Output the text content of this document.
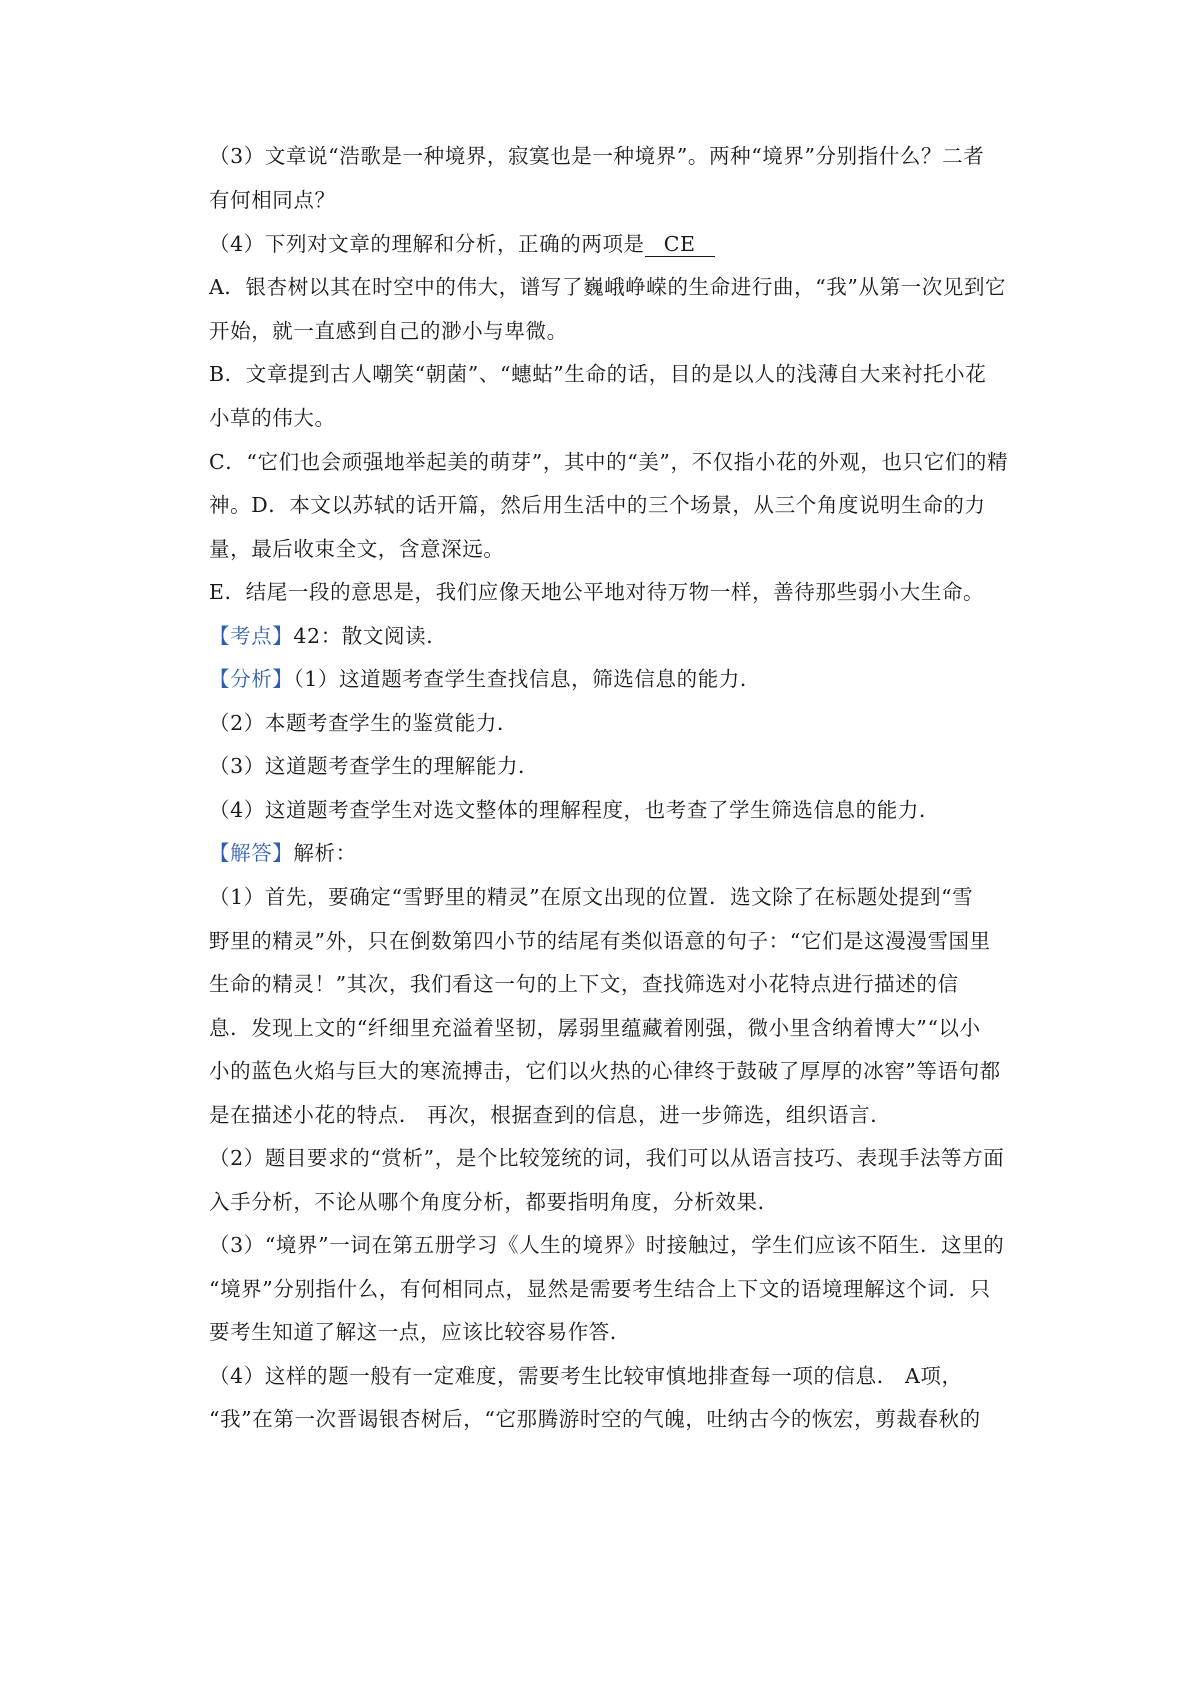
（3）文章说“浩歌是一种境界，寂寞也是一种境界”。两种“境界”分别指什么？二者
有何相同点？
（4）下列对文章的理解和分析，正确的两项是 CE
A．银杏树以其在时空中的伟大，谱写了巍峨峥嵘的生命进行曲，“我”从第一次见到它
开始，就一直感到自己的渺小与卑微。
B．文章提到古人嘲笑“朝菌”、“蟪蛄”生命的话，目的是以人的浅薄自大来衬托小花
小草的伟大。
C．“它们也会顽强地举起美的萌芽”，其中的“美”，不仅指小花的外观，也只它们的精
神。D．本文以苏轼的话开篇，然后用生活中的三个场景，从三个角度说明生命的力
量，最后收束全文，含意深远。
E．结尾一段的意思是，我们应像天地公平地对待万物一样，善待那些弱小大生命。
【考点】42：散文阅读．
【分析】（1）这道题考查学生查找信息，筛选信息的能力．
（2）本题考查学生的鉴赏能力．
（3）这道题考查学生的理解能力．
（4）这道题考查学生对选文整体的理解程度，也考查了学生筛选信息的能力．
【解答】解析：
（1）首先，要确定“雪野里的精灵”在原文出现的位置．选文除了在标题处提到“雪
野里的精灵”外，只在倒数第四小节的结尾有类似语意的句子：“它们是这漫漫雪国里
生命的精灵！”其次，我们看这一句的上下文，查找筛选对小花特点进行描述的信
息．发现上文的“纤细里充溢着坚韧，孱弱里蕴藏着刚强，微小里含纳着博大”“以小
小的蓝色火焰与巨大的寒流搏击，它们以火热的心律终于鼓破了厚厚的冰窖”等语句都
是在描述小花的特点． 再次，根据查到的信息，进一步筛选，组织语言．
（2）题目要求的“赏析”，是个比较笼统的词，我们可以从语言技巧、表现手法等方面
入手分析，不论从哪个角度分析，都要指明角度，分析效果．
（3）“境界”一词在第五册学习《人生的境界》时接触过，学生们应该不陌生．这里的
“境界”分别指什么，有何相同点，显然是需要考生结合上下文的语境理解这个词．只
要考生知道了解这一点，应该比较容易作答．
（4）这样的题一般有一定难度，需要考生比较审慎地排查每一项的信息． A项，
“我”在第一次晋谒银杏树后，“它那腾游时空的气魄，吐纳古今的恢宏，剪裁春秋的
